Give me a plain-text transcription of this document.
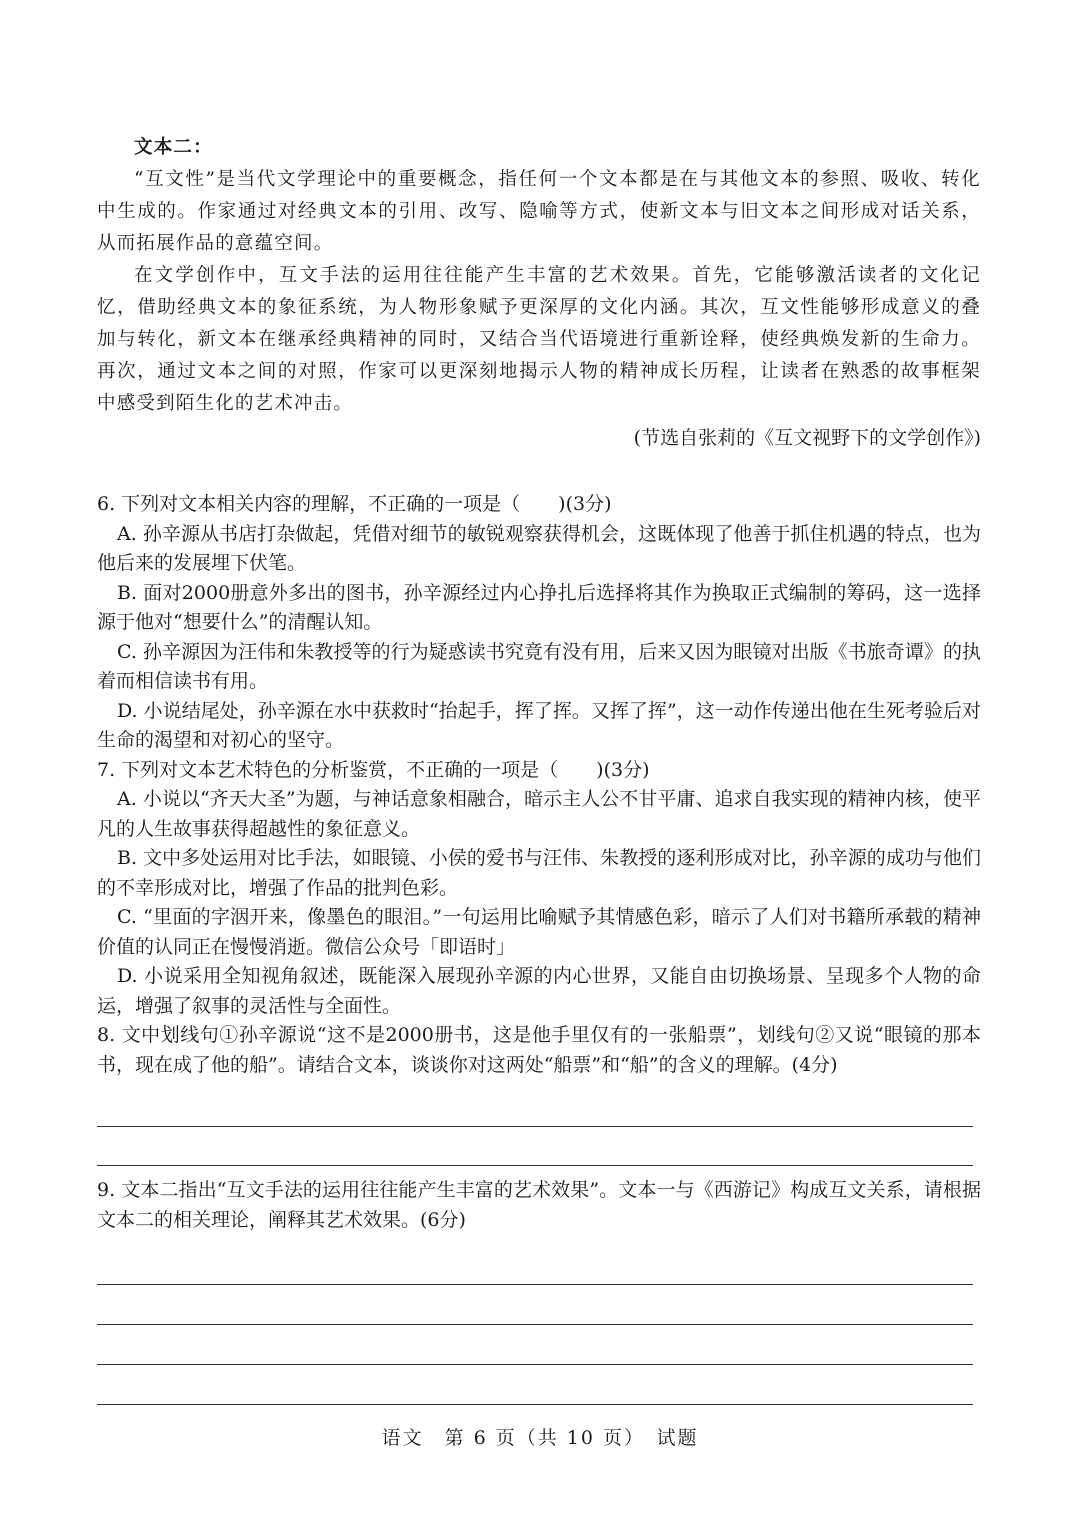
文本二：

“互文性”是当代文学理论中的重要概念，指任何一个文本都是在与其他文本的参照、吸收、转化中生成的。作家通过对经典文本的引用、改写、隐喻等方式，使新文本与旧文本之间形成对话关系，从而拓展作品的意蕴空间。

在文学创作中，互文手法的运用往往能产生丰富的艺术效果。首先，它能够激活读者的文化记忆，借助经典文本的象征系统，为人物形象赋予更深厚的文化内涵。其次，互文性能够形成意义的叠加与转化，新文本在继承经典精神的同时，又结合当代语境进行重新诠释，使经典焕发新的生命力。再次，通过文本之间的对照，作家可以更深刻地揭示人物的精神成长历程，让读者在熟悉的故事框架中感受到陌生化的艺术冲击。

(节选自张莉的《互文视野下的文学创作》)

6. 下列对文本相关内容的理解，不正确的一项是（　　)(3分)

A. 孙辛源从书店打杂做起，凭借对细节的敏锐观察获得机会，这既体现了他善于抓住机遇的特点，也为他后来的发展埋下伏笔。

B. 面对2000册意外多出的图书，孙辛源经过内心挣扎后选择将其作为换取正式编制的筹码，这一选择源于他对“想要什么”的清醒认知。

C. 孙辛源因为汪伟和朱教授等的行为疑惑读书究竟有没有用，后来又因为眼镜对出版《书旅奇谭》的执着而相信读书有用。

D. 小说结尾处，孙辛源在水中获救时“抬起手，挥了挥。又挥了挥”，这一动作传递出他在生死考验后对生命的渴望和对初心的坚守。

7. 下列对文本艺术特色的分析鉴赏，不正确的一项是（　　)(3分)

A. 小说以“齐天大圣”为题，与神话意象相融合，暗示主人公不甘平庸、追求自我实现的精神内核，使平凡的人生故事获得超越性的象征意义。

B. 文中多处运用对比手法，如眼镜、小侯的爱书与汪伟、朱教授的逐利形成对比，孙辛源的成功与他们的不幸形成对比，增强了作品的批判色彩。

C. “里面的字洇开来，像墨色的眼泪。”一句运用比喻赋予其情感色彩，暗示了人们对书籍所承载的精神价值的认同正在慢慢消逝。微信公众号「即语时」

D. 小说采用全知视角叙述，既能深入展现孙辛源的内心世界，又能自由切换场景、呈现多个人物的命运，增强了叙事的灵活性与全面性。

8. 文中划线句①孙辛源说“这不是2000册书，这是他手里仅有的一张船票”，划线句②又说“眼镜的那本书，现在成了他的船”。请结合文本，谈谈你对这两处“船票”和“船”的含义的理解。(4分)

9. 文本二指出“互文手法的运用往往能产生丰富的艺术效果”。文本一与《西游记》构成互文关系，请根据文本二的相关理论，阐释其艺术效果。(6分)

语文　第 6 页（共 10 页）　试题
